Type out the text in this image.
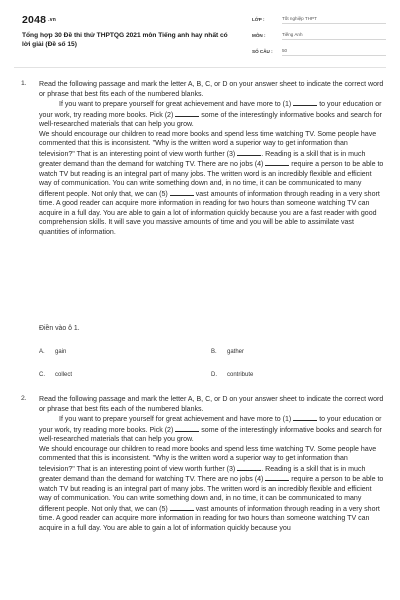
2048 .vn
Tổng hợp 30 Đề thi thử THPTQG 2021 môn Tiếng anh hay nhất có lời giải (Đề số 15)
LỚP :	Tốt nghiệp THPT
MÔN :	Tiếng Anh
SỐ CÂU : 50
1. Read the following passage and mark the letter A, B, C, or D on your answer sheet to indicate the correct word or phrase that best fits each of the numbered blanks.

If you want to prepare yourself for great achievement and have more to (1)	to your education or your work, try reading more books. Pick (2)	some of the interestingly informative books and search for well-researched materials that can help you grow.

We should encourage our children to read more books and spend less time watching TV. Some people have commented that this is inconsistent. "Why is the written word a superior way to get information than television?" That is an interesting point of view worth further (3)	. Reading is a skill that is in much greater demand than the demand for watching TV. There are no jobs (4)	require a person to be able to watch TV but reading is an integral part of many jobs. The written word is an incredibly flexible and efficient way of communication. You can write something down and, in no time, it can be communicated to many different people. Not only that, we can (5)	vast amounts of information through reading in a very short time. A good reader can acquire more information in reading for two hours than someone watching TV can acquire in a full day. You are able to gain a lot of information quickly because you are a fast reader with good comprehension skills. It will save you massive amounts of time and you will be able to assimilate vast quantities of information.

Điền vào ô 1.
A. gain	B. gather
C. collect	D. contribute
2. Read the following passage and mark the letter A, B, C, or D on your answer sheet to indicate the correct word or phrase that best fits each of the numbered blanks.

If you want to prepare yourself for great achievement and have more to (1)	to your education or your work, try reading more books. Pick (2)	some of the interestingly informative books and search for well-researched materials that can help you grow.

We should encourage our children to read more books and spend less time watching TV. Some people have commented that this is inconsistent. "Why is the written word a superior way to get information than television?" That is an interesting point of view worth further (3)	. Reading is a skill that is in much greater demand than the demand for watching TV. There are no jobs (4)	require a person to be able to watch TV but reading is an integral part of many jobs. The written word is an incredibly flexible and efficient way of communication. You can write something down and, in no time, it can be communicated to many different people. Not only that, we can (5)	vast amounts of information through reading in a very short time. A good reader can acquire more information in reading for two hours than someone watching TV can acquire in a full day. You are able to gain a lot of information quickly because you
